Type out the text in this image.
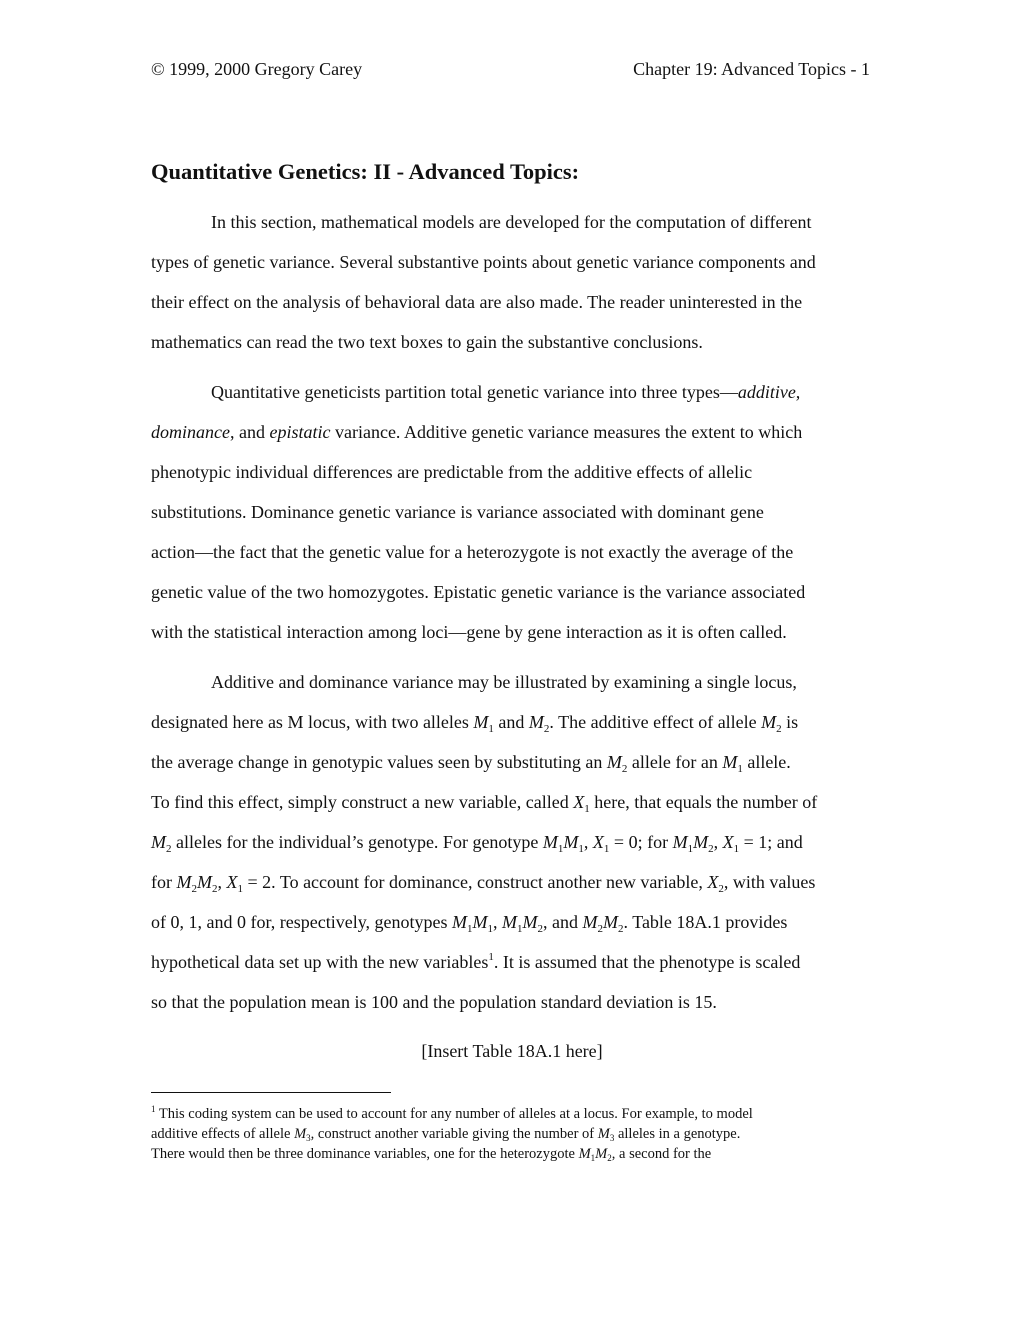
© 1999, 2000 Gregory Carey	Chapter 19: Advanced Topics - 1
Quantitative Genetics: II - Advanced Topics:
In this section, mathematical models are developed for the computation of different
types of genetic variance. Several substantive points about genetic variance components and
their effect on the analysis of behavioral data are also made. The reader uninterested in the
mathematics can read the two text boxes to gain the substantive conclusions.
Quantitative geneticists partition total genetic variance into three types—additive,
dominance, and epistatic variance. Additive genetic variance measures the extent to which
phenotypic individual differences are predictable from the additive effects of allelic
substitutions. Dominance genetic variance is variance associated with dominant gene
action—the fact that the genetic value for a heterozygote is not exactly the average of the
genetic value of the two homozygotes. Epistatic genetic variance is the variance associated
with the statistical interaction among loci—gene by gene interaction as it is often called.
Additive and dominance variance may be illustrated by examining a single locus,
designated here as M locus, with two alleles $M_1$ and $M_2$. The additive effect of allele $M_2$ is
the average change in genotypic values seen by substituting an $M_2$ allele for an $M_1$ allele.
To find this effect, simply construct a new variable, called $X_1$ here, that equals the number of
$M_2$ alleles for the individual’s genotype. For genotype $M_1M_1$, $X_1 = 0$; for $M_1M_2$, $X_1 = 1$; and
for $M_2M_2$, $X_1 = 2$. To account for dominance, construct another new variable, $X_2$, with values
of 0, 1, and 0 for, respectively, genotypes $M_1M_1$, $M_1M_2$, and $M_2M_2$. Table 18A.1 provides
hypothetical data set up with the new variables$^1$. It is assumed that the phenotype is scaled
so that the population mean is 100 and the population standard deviation is 15.
[Insert Table 18A.1 here]
$^1$ This coding system can be used to account for any number of alleles at a locus. For example, to model
additive effects of allele $M_3$, construct another variable giving the number of $M_3$ alleles in a genotype.
There would then be three dominance variables, one for the heterozygote $M_1M_2$, a second for the
